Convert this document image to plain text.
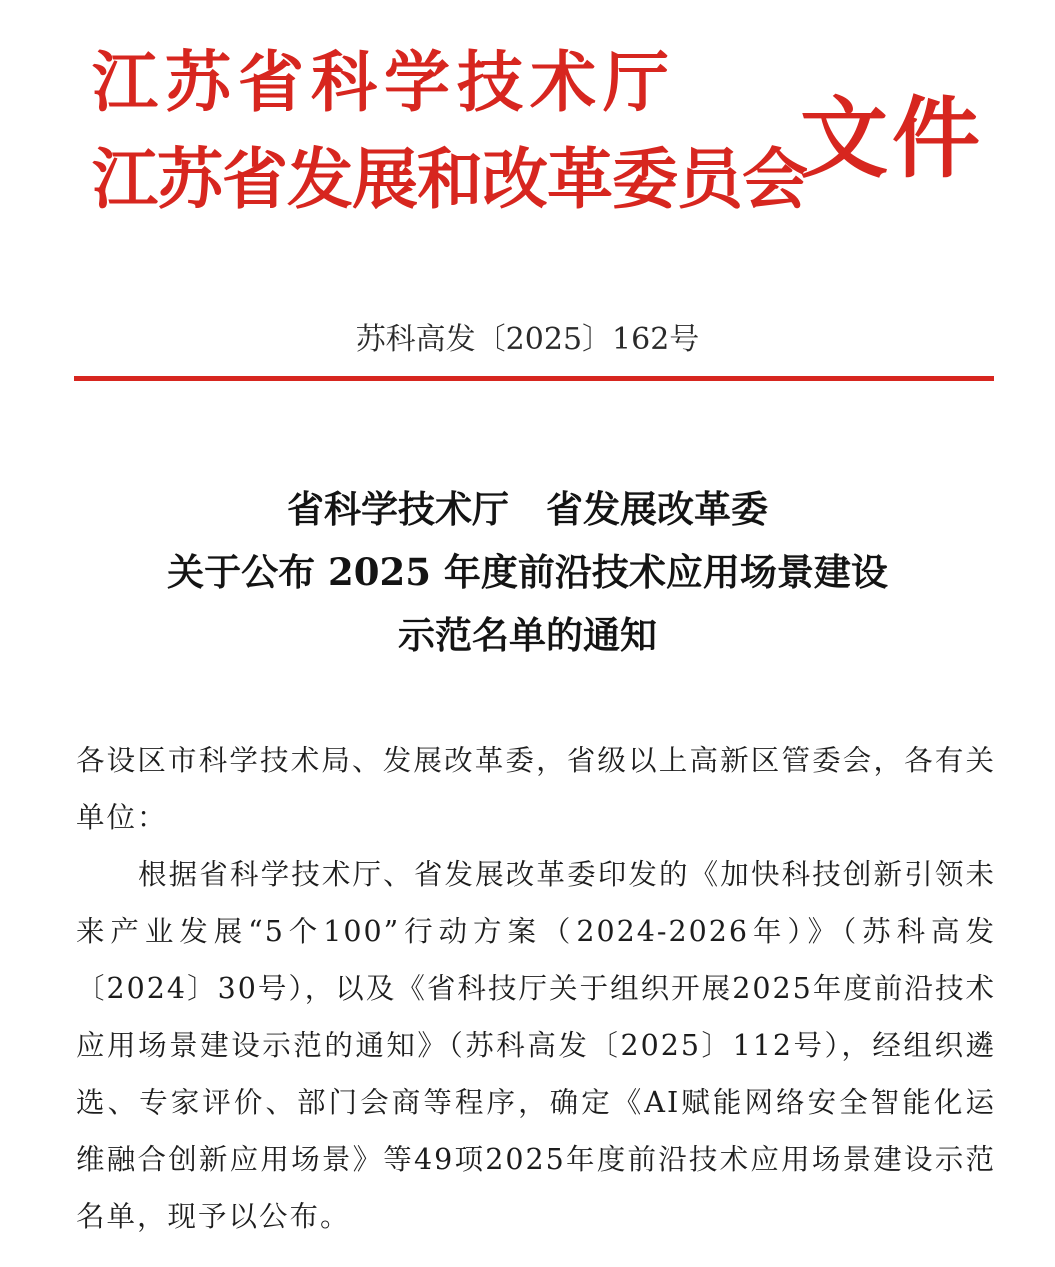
江苏省科学技术厅
江苏省发展和改革委员会
文件

苏科高发〔2025〕162号

省科学技术厅　省发展改革委
关于公布 2025 年度前沿技术应用场景建设
示范名单的通知

各设区市科学技术局、发展改革委，省级以上高新区管委会，各有关单位：

根据省科学技术厅、省发展改革委印发的《加快科技创新引领未来产业发展“5个100”行动方案（2024-2026年）》（苏科高发〔2024〕30号），以及《省科技厅关于组织开展2025年度前沿技术应用场景建设示范的通知》（苏科高发〔2025〕112号），经组织遴选、专家评价、部门会商等程序，确定《AI赋能网络安全智能化运维融合创新应用场景》等49项2025年度前沿技术应用场景建设示范名单，现予以公布。
